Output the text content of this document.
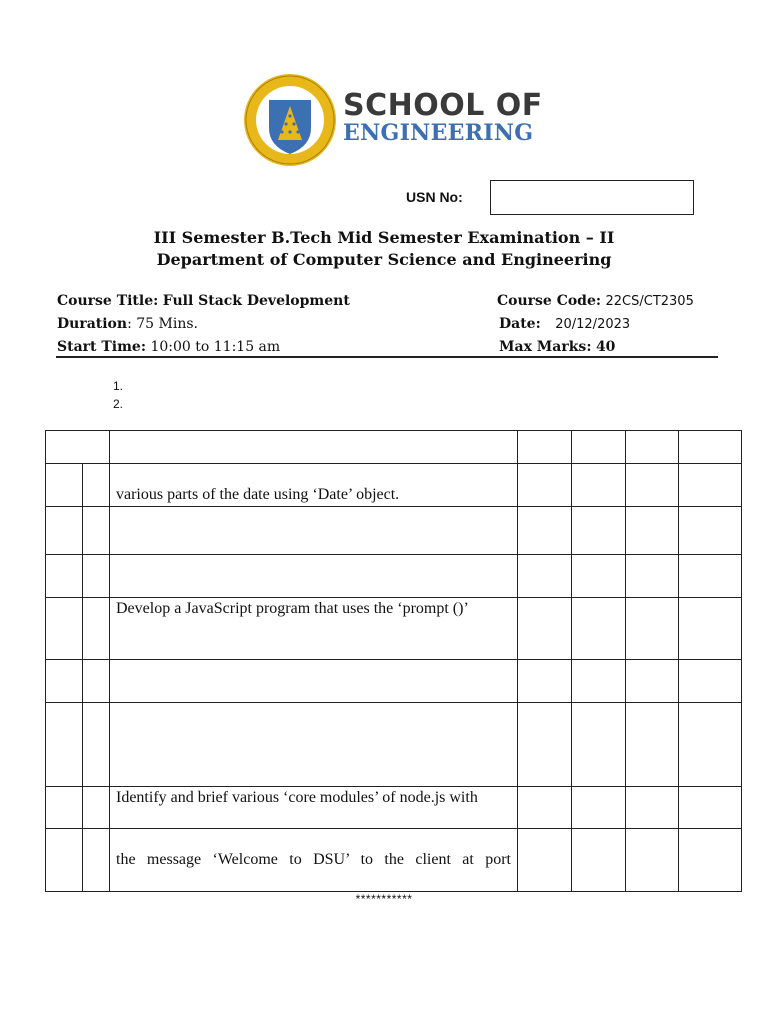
SCHOOL OF
ENGINEERING
USN No:
III Semester B.Tech Mid Semester Examination – II
Department of Computer Science and Engineering
Course Title: Full Stack Development	Course Code: 22CS/CT2305
Duration: 75 Mins.	Date: 20/12/2023
Start Time: 10:00 to 11:15 am	Max Marks: 40
1.
2.

		various parts of the date using ‘Date’ object.				

		Develop a JavaScript program that uses the ‘prompt ()’				

		Identify and brief various ‘core modules’ of node.js with				
		the message ‘Welcome to DSU’ to the client at port				
***********
